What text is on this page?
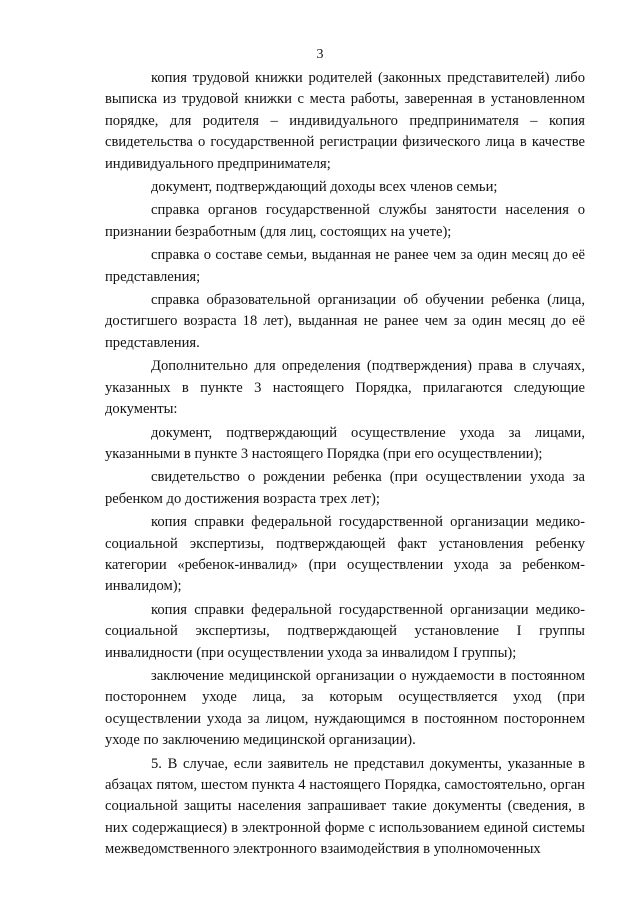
3

копия трудовой книжки родителей (законных представителей) либо выписка из трудовой книжки с места работы, заверенная в установленном порядке, для родителя – индивидуального предпринимателя – копия свидетельства о государственной регистрации физического лица в качестве индивидуального предпринимателя;

документ, подтверждающий доходы всех членов семьи;

справка органов государственной службы занятости населения о признании безработным (для лиц, состоящих на учете);

справка о составе семьи, выданная не ранее чем за один месяц до её представления;

справка образовательной организации об обучении ребенка (лица, достигшего возраста 18 лет), выданная не ранее чем за один месяц до её представления.

Дополнительно для определения (подтверждения) права в случаях, указанных в пункте 3 настоящего Порядка, прилагаются следующие документы:

документ, подтверждающий осуществление ухода за лицами, указанными в пункте 3 настоящего Порядка (при его осуществлении);

свидетельство о рождении ребенка (при осуществлении ухода за ребенком до достижения возраста трех лет);

копия справки федеральной государственной организации медико-социальной экспертизы, подтверждающей факт установления ребенку категории «ребенок-инвалид» (при осуществлении ухода за ребенком-инвалидом);

копия справки федеральной государственной организации медико-социальной экспертизы, подтверждающей установление I группы инвалидности (при осуществлении ухода за инвалидом I группы);

заключение медицинской организации о нуждаемости в постоянном постороннем уходе лица, за которым осуществляется уход (при осуществлении ухода за лицом, нуждающимся в постоянном постороннем уходе по заключению медицинской организации).

5. В случае, если заявитель не представил документы, указанные в абзацах пятом, шестом пункта 4 настоящего Порядка, самостоятельно, орган социальной защиты населения запрашивает такие документы (сведения, в них содержащиеся) в электронной форме с использованием единой системы межведомственного электронного взаимодействия в уполномоченных
